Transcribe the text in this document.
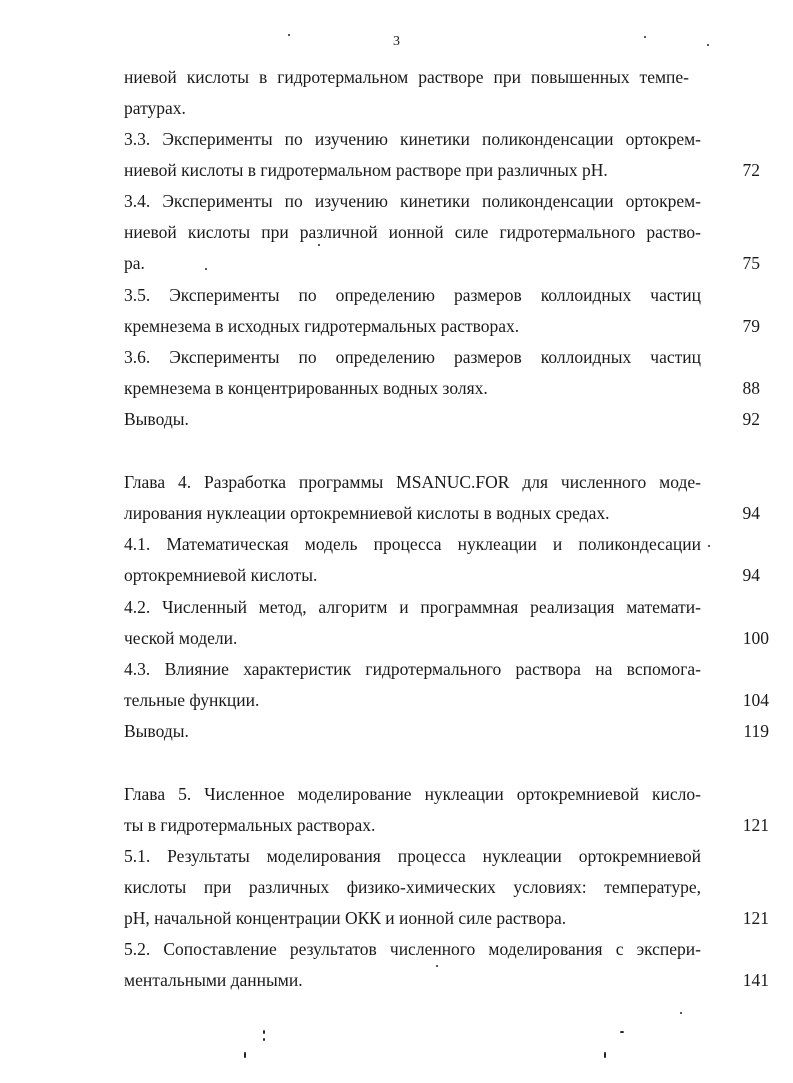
3
ниевой кислоты в гидротермальном растворе при повышенных темпе-
ратурах.
3.3. Эксперименты по изучению кинетики поликонденсации ортокрем-
ниевой кислоты в гидротермальном растворе при различных pH.
3.4. Эксперименты по изучению кинетики поликонденсации ортокрем-
ниевой кислоты при различной ионной силе гидротермального раство-
ра.
3.5. Эксперименты по определению размеров коллоидных частиц
кремнезема в исходных гидротермальных растворах.
3.6. Эксперименты по определению размеров коллоидных частиц
кремнезема в концентрированных водных золях.
Выводы.
Глава 4. Разработка программы MSANUC.FOR для численного моде-
лирования нуклеации ортокремниевой кислоты в водных средах.
4.1. Математическая модель процесса нуклеации и поликондесации
ортокремниевой кислоты.
4.2. Численный метод, алгоритм и программная реализация математи-
ческой модели.
4.3. Влияние характеристик гидротермального раствора на вспомога-
тельные функции.
Выводы.
Глава 5. Численное моделирование нуклеации ортокремниевой кисло-
ты в гидротермальных растворах.
5.1. Результаты моделирования процесса нуклеации ортокремниевой
кислоты при различных физико-химических условиях: температуре,
pH, начальной концентрации ОКК и ионной силе раствора.
5.2. Сопоставление результатов численного моделирования с экспери-
ментальными данными.
72
75
79
88
92
94
94
100
104
119
121
121
141
